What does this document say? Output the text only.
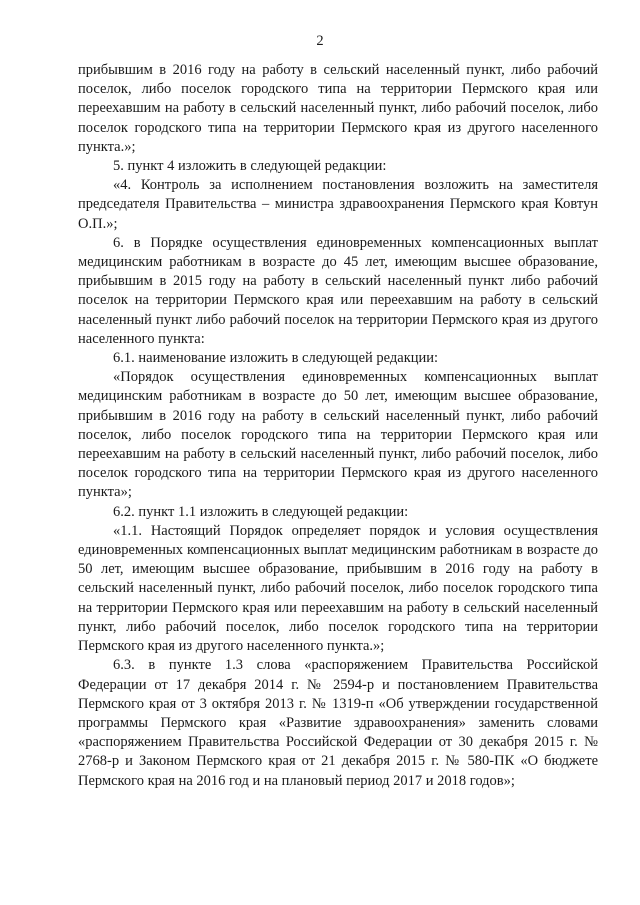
2

прибывшим в 2016 году на работу в сельский населенный пункт, либо рабочий поселок, либо поселок городского типа на территории Пермского края или переехавшим на работу в сельский населенный пункт, либо рабочий поселок, либо поселок городского типа на территории Пермского края из другого населенного пункта.»;

5. пункт 4 изложить в следующей редакции:

«4. Контроль за исполнением постановления возложить на заместителя председателя Правительства – министра здравоохранения Пермского края Ковтун О.П.»;

6. в Порядке осуществления единовременных компенсационных выплат медицинским работникам в возрасте до 45 лет, имеющим высшее образование, прибывшим в 2015 году на работу в сельский населенный пункт либо рабочий поселок на территории Пермского края или переехавшим на работу в сельский населенный пункт либо рабочий поселок на территории Пермского края из другого населенного пункта:

6.1. наименование изложить в следующей редакции:

«Порядок осуществления единовременных компенсационных выплат медицинским работникам в возрасте до 50 лет, имеющим высшее образование, прибывшим в 2016 году на работу в сельский населенный пункт, либо рабочий поселок, либо поселок городского типа на территории Пермского края или переехавшим на работу в сельский населенный пункт, либо рабочий поселок, либо поселок городского типа на территории Пермского края из другого населенного пункта»;

6.2. пункт 1.1 изложить в следующей редакции:

«1.1. Настоящий Порядок определяет порядок и условия осуществления единовременных компенсационных выплат медицинским работникам в возрасте до 50 лет, имеющим высшее образование, прибывшим в 2016 году на работу в сельский населенный пункт, либо рабочий поселок, либо поселок городского типа на территории Пермского края или переехавшим на работу в сельский населенный пункт, либо рабочий поселок, либо поселок городского типа на территории Пермского края из другого населенного пункта.»;

6.3. в пункте 1.3 слова «распоряжением Правительства Российской Федерации от 17 декабря 2014 г. № 2594-р и постановлением Правительства Пермского края от 3 октября 2013 г. № 1319-п «Об утверждении государственной программы Пермского края «Развитие здравоохранения» заменить словами «распоряжением Правительства Российской Федерации от 30 декабря 2015 г. № 2768-р и Законом Пермского края от 21 декабря 2015 г. № 580-ПК «О бюджете Пермского края на 2016 год и на плановый период 2017 и 2018 годов»;
